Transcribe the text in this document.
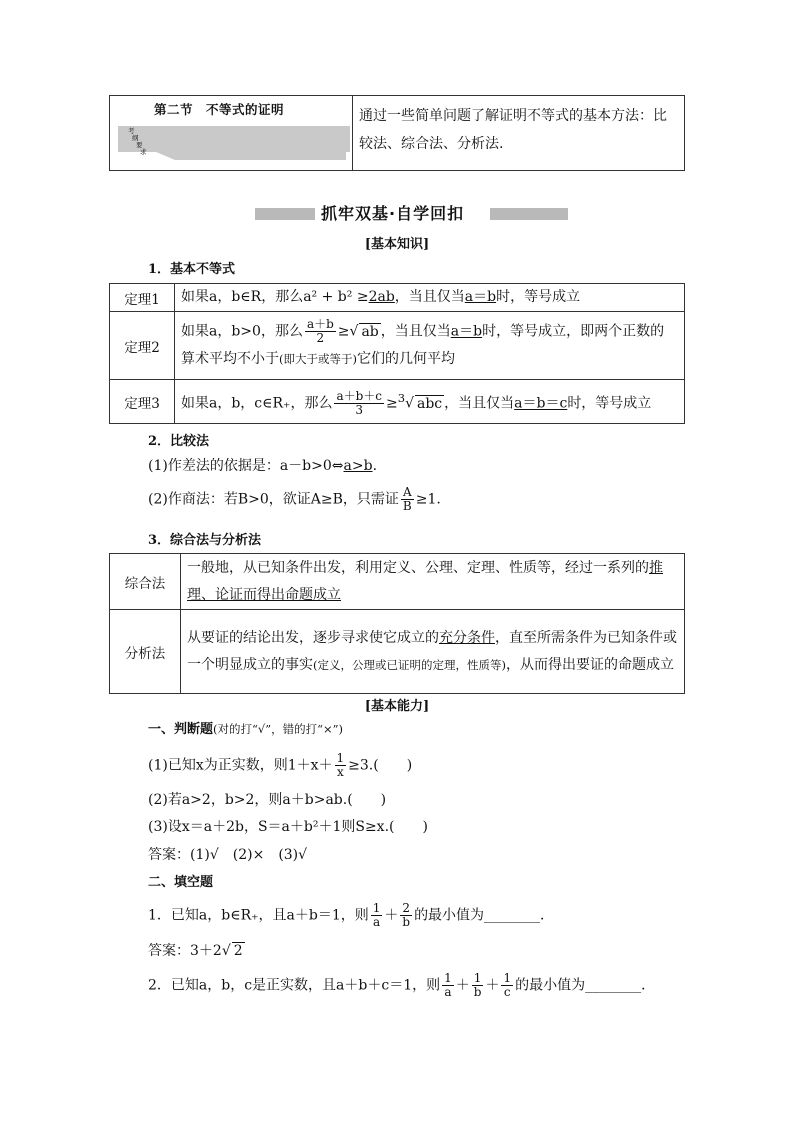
第二节　不等式的证明
考
纲
要
求
	通过一些简单问题了解证明不等式的基本方法：比较法、综合法、分析法.
抓牢双基·自学回扣
[基本知识]
1．基本不等式
定理1	如果a，b∈R，那么a² + b² ≥2ab，当且仅当a＝b时，等号成立
定理2	如果a，b>0，那么 $\frac{a+b}{2}$ ≥√ ab ，当且仅当a＝b时，等号成立，即两个正数的算术平均不小于(即大于或等于)它们的几何平均
定理3	如果a，b，c∈R₊，那么 $\frac{a+b+c}{3} \ge^3√$ abc ，当且仅当a＝b＝c时，等号成立
2．比较法
(1)作差法的依据是：a－b>0⇔a>b.
(2)作商法：若B>0，欲证A≥B，只需证 $\frac{A}{B} \ge 1$.
3．综合法与分析法
综合法	一般地，从已知条件出发，利用定义、公理、定理、性质等，经过一系列的推理、论证而得出命题成立
分析法	从要证的结论出发，逐步寻求使它成立的充分条件，直至所需条件为已知条件或一个明显成立的事实(定义，公理或已证明的定理，性质等)，从而得出要证的命题成立
[基本能力]
一、判断题(对的打“√”，错的打“×”)
(1)已知x为正实数，则$1+x+ \frac{1}{x} \ge 3$.(　　)
(2)若a>2，b>2，则a＋b>ab.(　　)
(3)设x＝a＋2b，S＝a＋b²＋1则S≥x.(　　)
答案：(1)√　(2)×　(3)√
二、填空题
1．已知a，b∈R₊，且a＋b＝1，则 $\frac{1}{a} + \frac{2}{b}$ 的最小值为________．
答案：3＋2√ 2
2．已知a，b，c是正实数，且a＋b＋c＝1，则 $\frac{1}{a} + \frac{1}{b} + \frac{1}{c}$ 的最小值为________．
